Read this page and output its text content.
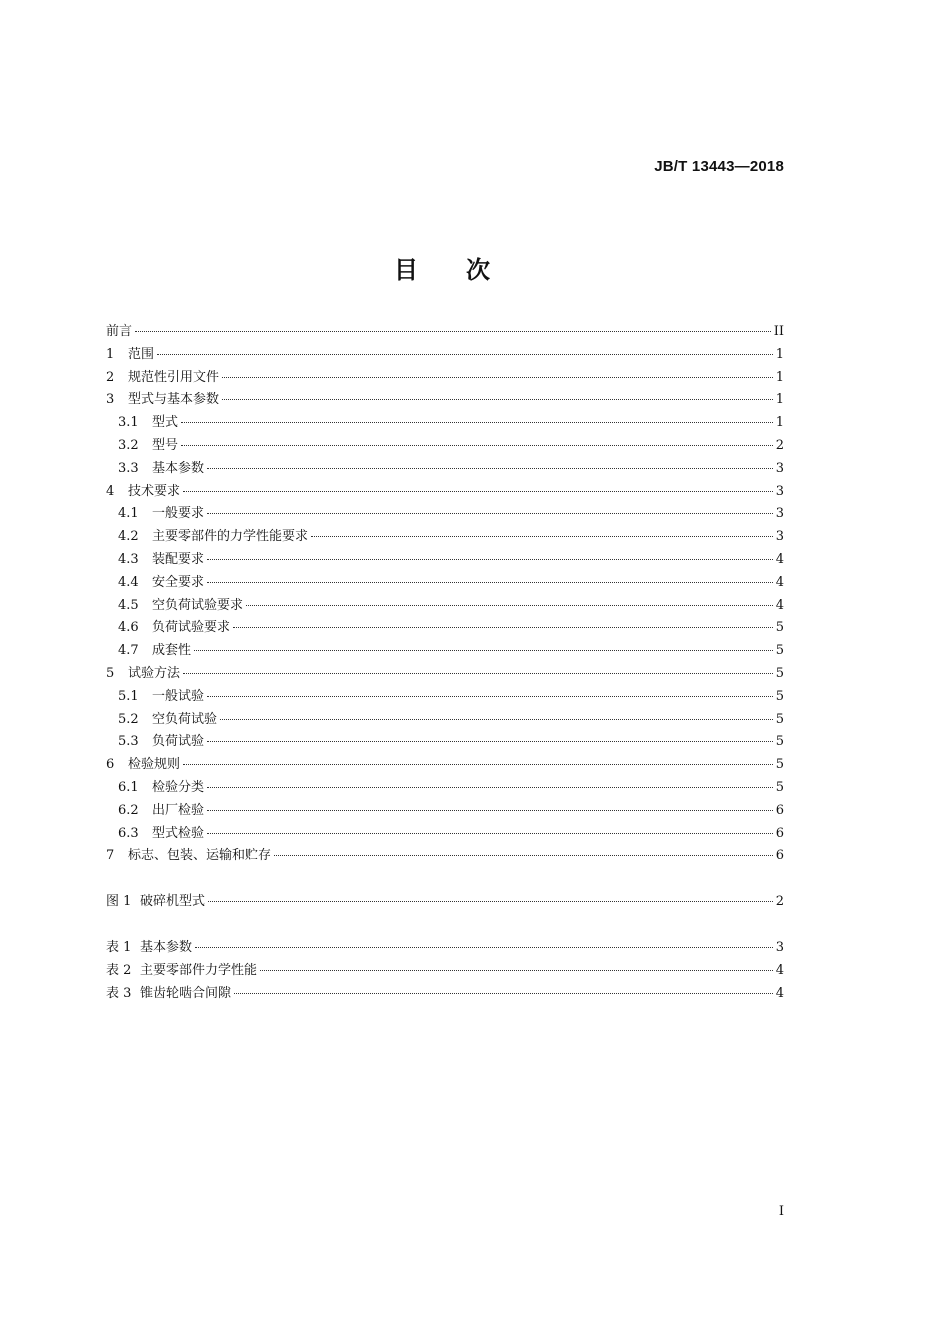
JB/T 13443—2018
目次
前言	II
1	范围	1
2	规范性引用文件	1
3	型式与基本参数	1
3.1	型式	1
3.2	型号	2
3.3	基本参数	3
4	技术要求	3
4.1	一般要求	3
4.2	主要零部件的力学性能要求	3
4.3	装配要求	4
4.4	安全要求	4
4.5	空负荷试验要求	4
4.6	负荷试验要求	5
4.7	成套性	5
5	试验方法	5
5.1	一般试验	5
5.2	空负荷试验	5
5.3	负荷试验	5
6	检验规则	5
6.1	检验分类	5
6.2	出厂检验	6
6.3	型式检验	6
7	标志、包装、运输和贮存	6
图 1 破碎机型式	2
表 1 基本参数	3
表 2 主要零部件力学性能	4
表 3 锥齿轮啮合间隙	4
I
